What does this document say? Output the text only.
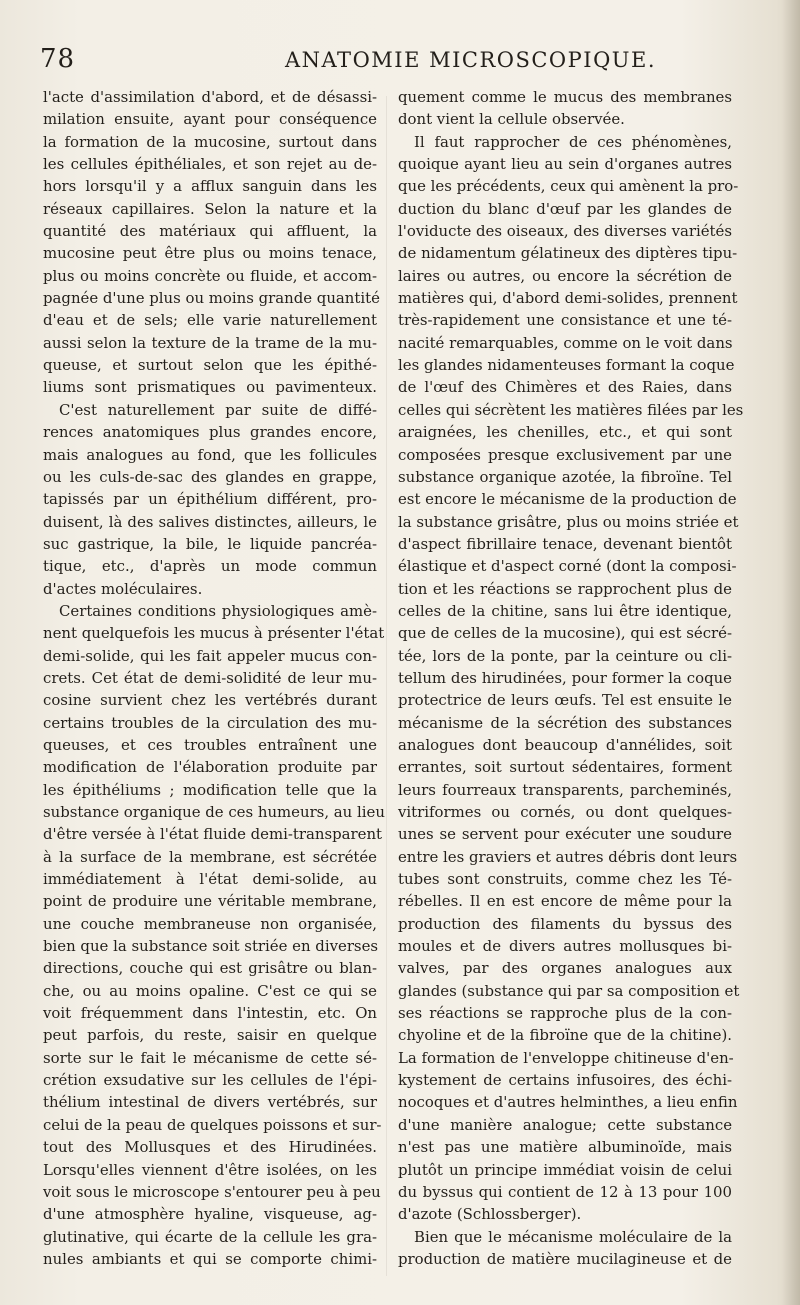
78	ANATOMIE MICROSCOPIQUE.
l'acte d'assimilation d'abord, et de désassi-
milation ensuite, ayant pour conséquence
la formation de la mucosine, surtout dans
les cellules épithéliales, et son rejet au de-
hors lorsqu'il y a afflux sanguin dans les
réseaux capillaires. Selon la nature et la
quantité des matériaux qui affluent, la
mucosine peut être plus ou moins tenace,
plus ou moins concrète ou fluide, et accom-
pagnée d'une plus ou moins grande quantité
d'eau et de sels; elle varie naturellement
aussi selon la texture de la trame de la mu-
queuse, et surtout selon que les épithé-
liums sont prismatiques ou pavimenteux.
C'est naturellement par suite de diffé-
rences anatomiques plus grandes encore,
mais analogues au fond, que les follicules
ou les culs-de-sac des glandes en grappe,
tapissés par un épithélium différent, pro-
duisent, là des salives distinctes, ailleurs, le
suc gastrique, la bile, le liquide pancréa-
tique, etc., d'après un mode commun
d'actes moléculaires.
Certaines conditions physiologiques amè-
nent quelquefois les mucus à présenter l'état
demi-solide, qui les fait appeler mucus con-
crets. Cet état de demi-solidité de leur mu-
cosine survient chez les vertébrés durant
certains troubles de la circulation des mu-
queuses, et ces troubles entraînent une
modification de l'élaboration produite par
les épithéliums ; modification telle que la
substance organique de ces humeurs, au lieu
d'être versée à l'état fluide demi-transparent
à la surface de la membrane, est sécrétée
immédiatement à l'état demi-solide, au
point de produire une véritable membrane,
une couche membraneuse non organisée,
bien que la substance soit striée en diverses
directions, couche qui est grisâtre ou blan-
che, ou au moins opaline. C'est ce qui se
voit fréquemment dans l'intestin, etc. On
peut parfois, du reste, saisir en quelque
sorte sur le fait le mécanisme de cette sé-
crétion exsudative sur les cellules de l'épi-
thélium intestinal de divers vertébrés, sur
celui de la peau de quelques poissons et sur-
tout des Mollusques et des Hirudinées.
Lorsqu'elles viennent d'être isolées, on les
voit sous le microscope s'entourer peu à peu
d'une atmosphère hyaline, visqueuse, ag-
glutinative, qui écarte de la cellule les gra-
nules ambiants et qui se comporte chimi-
quement comme le mucus des membranes
dont vient la cellule observée.
Il faut rapprocher de ces phénomènes,
quoique ayant lieu au sein d'organes autres
que les précédents, ceux qui amènent la pro-
duction du blanc d'œuf par les glandes de
l'oviducte des oiseaux, des diverses variétés
de nidamentum gélatineux des diptères tipu-
laires ou autres, ou encore la sécrétion de
matières qui, d'abord demi-solides, prennent
très-rapidement une consistance et une té-
nacité remarquables, comme on le voit dans
les glandes nidamenteuses formant la coque
de l'œuf des Chimères et des Raies, dans
celles qui sécrètent les matières filées par les
araignées, les chenilles, etc., et qui sont
composées presque exclusivement par une
substance organique azotée, la fibroïne. Tel
est encore le mécanisme de la production de
la substance grisâtre, plus ou moins striée et
d'aspect fibrillaire tenace, devenant bientôt
élastique et d'aspect corné (dont la composi-
tion et les réactions se rapprochent plus de
celles de la chitine, sans lui être identique,
que de celles de la mucosine), qui est sécré-
tée, lors de la ponte, par la ceinture ou cli-
tellum des hirudinées, pour former la coque
protectrice de leurs œufs. Tel est ensuite le
mécanisme de la sécrétion des substances
analogues dont beaucoup d'annélides, soit
errantes, soit surtout sédentaires, forment
leurs fourreaux transparents, parcheminés,
vitriformes ou cornés, ou dont quelques-
unes se servent pour exécuter une soudure
entre les graviers et autres débris dont leurs
tubes sont construits, comme chez les Té-
rébelles. Il en est encore de même pour la
production des filaments du byssus des
moules et de divers autres mollusques bi-
valves, par des organes analogues aux
glandes (substance qui par sa composition et
ses réactions se rapproche plus de la con-
chyoline et de la fibroïne que de la chitine).
La formation de l'enveloppe chitineuse d'en-
kystement de certains infusoires, des échi-
nocoques et d'autres helminthes, a lieu enfin
d'une manière analogue; cette substance
n'est pas une matière albuminoïde, mais
plutôt un principe immédiat voisin de celui
du byssus qui contient de 12 à 13 pour 100
d'azote (Schlossberger).
Bien que le mécanisme moléculaire de la
production de matière mucilagineuse et de
